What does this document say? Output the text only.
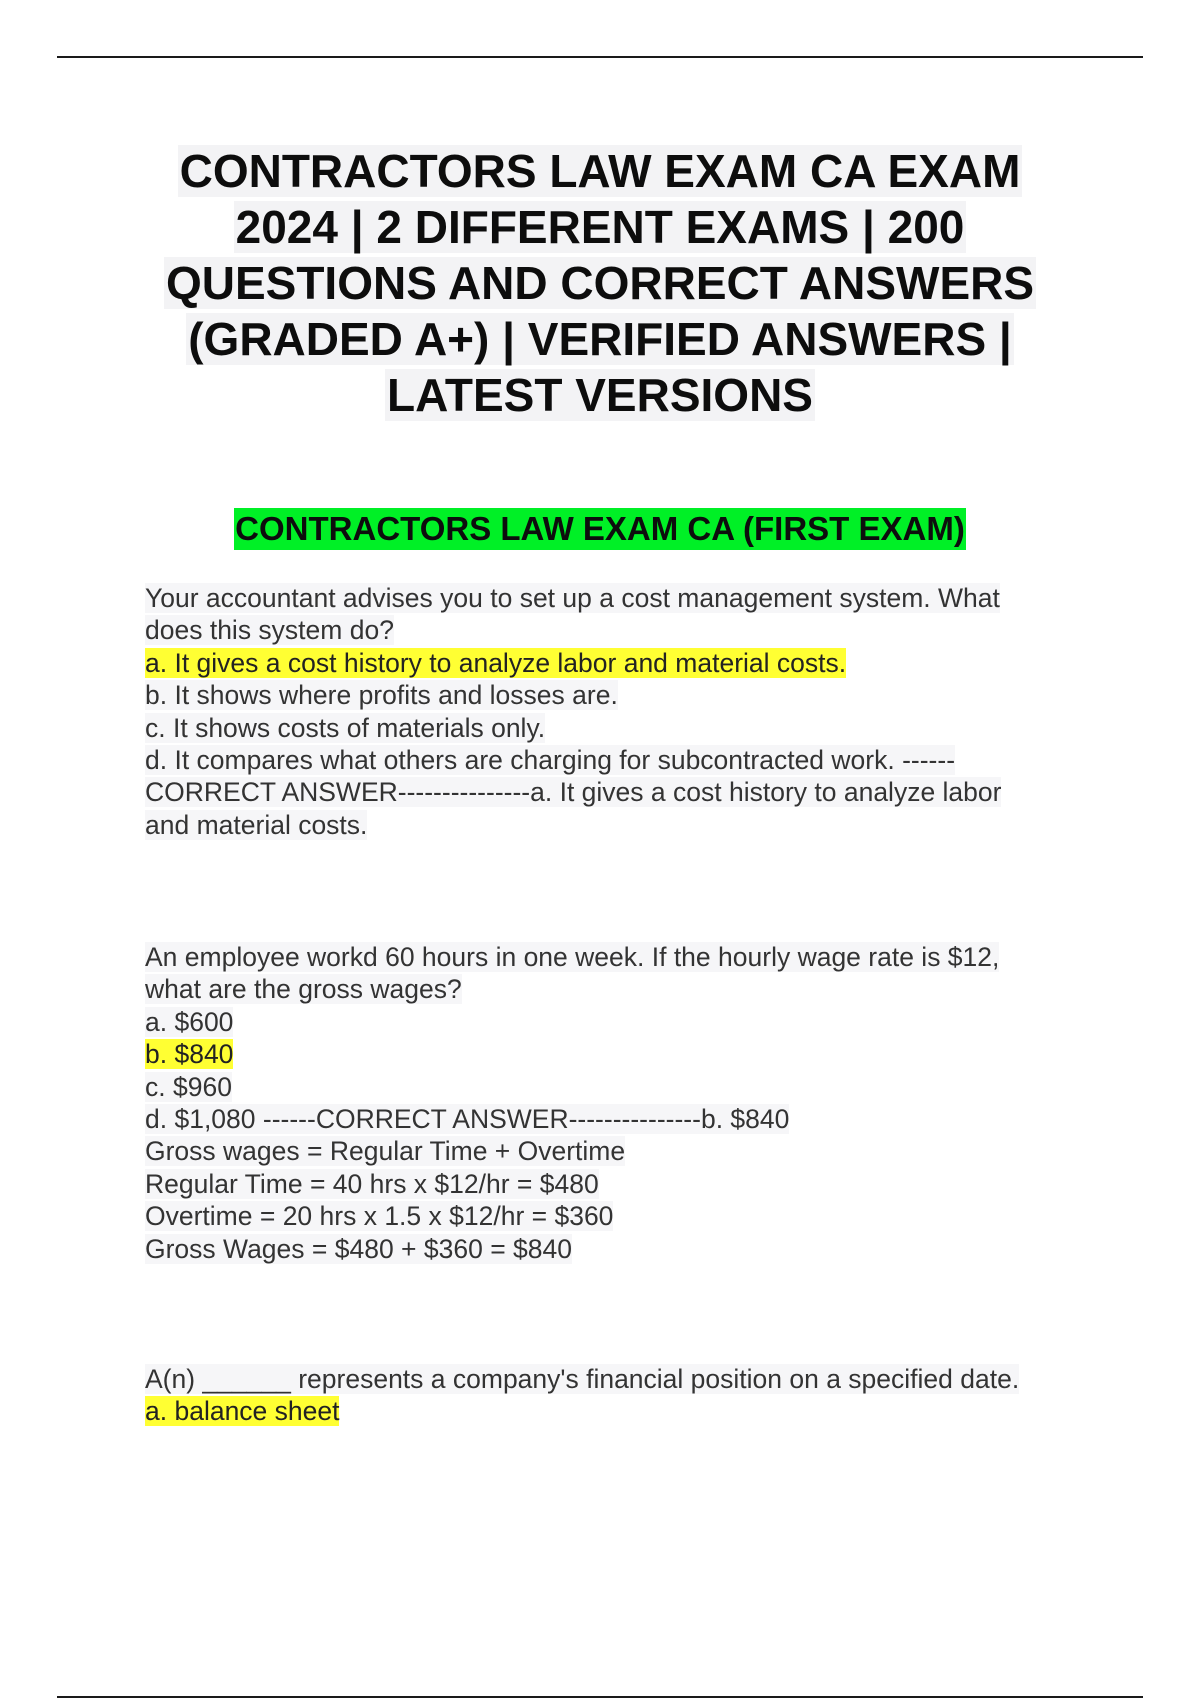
CONTRACTORS LAW EXAM CA EXAM
2024 | 2 DIFFERENT EXAMS | 200
QUESTIONS AND CORRECT ANSWERS
(GRADED A+) | VERIFIED ANSWERS |
LATEST VERSIONS
CONTRACTORS LAW EXAM CA (FIRST EXAM)
Your accountant advises you to set up a cost management system. What
does this system do?
a. It gives a cost history to analyze labor and material costs.
b. It shows where profits and losses are.
c. It shows costs of materials only.
d. It compares what others are charging for subcontracted work. ------
CORRECT ANSWER---------------a. It gives a cost history to analyze labor
and material costs.
An employee workd 60 hours in one week. If the hourly wage rate is $12,
what are the gross wages?
a. $600
b. $840
c. $960
d. $1,080 ------CORRECT ANSWER---------------b. $840
Gross wages = Regular Time + Overtime
Regular Time = 40 hrs x $12/hr = $480
Overtime = 20 hrs x 1.5 x $12/hr = $360
Gross Wages = $480 + $360 = $840
A(n) ______ represents a company's financial position on a specified date.
a. balance sheet
